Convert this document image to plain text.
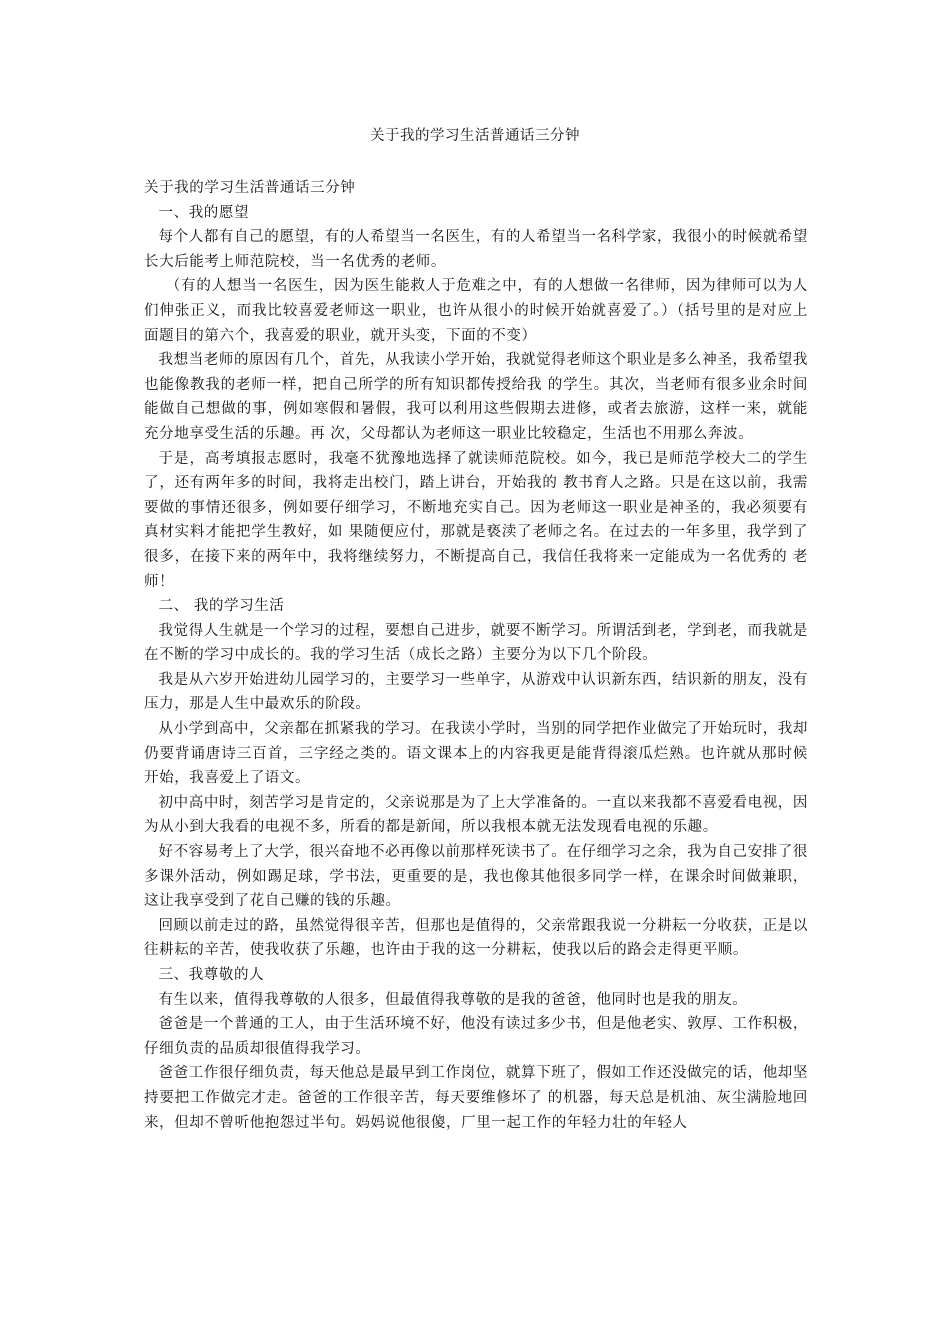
关于我的学习生活普通话三分钟

关于我的学习生活普通话三分钟

一、我的愿望

每个人都有自己的愿望，有的人希望当一名医生，有的人希望当一名科学家，我很小的时候就希望长大后能考上师范院校，当一名优秀的老师。

（有的人想当一名医生，因为医生能救人于危难之中，有的人想做一名律师，因为律师可以为人们伸张正义，而我比较喜爱老师这一职业，也许从很小的时候开始就喜爱了。）（括号里的是对应上面题目的第六个，我喜爱的职业，就开头变，下面的不变）

我想当老师的原因有几个，首先，从我读小学开始，我就觉得老师这个职业是多么神圣，我希望我也能像教我的老师一样，把自己所学的所有知识都传授给我 的学生。其次，当老师有很多业余时间能做自己想做的事，例如寒假和暑假，我可以利用这些假期去进修，或者去旅游，这样一来，就能充分地享受生活的乐趣。再 次，父母都认为老师这一职业比较稳定，生活也不用那么奔波。

于是，高考填报志愿时，我毫不犹豫地选择了就读师范院校。如今，我已是师范学校大二的学生了，还有两年多的时间，我将走出校门，踏上讲台，开始我的 教书育人之路。只是在这以前，我需要做的事情还很多，例如要仔细学习，不断地充实自己。因为老师这一职业是神圣的，我必须要有真材实料才能把学生教好，如 果随便应付，那就是亵渎了老师之名。在过去的一年多里，我学到了很多，在接下来的两年中，我将继续努力，不断提高自己，我信任我将来一定能成为一名优秀的 老师！

二、 我的学习生活

我觉得人生就是一个学习的过程，要想自己进步，就要不断学习。所谓活到老，学到老，而我就是在不断的学习中成长的。我的学习生活（成长之路）主要分为以下几个阶段。

我是从六岁开始进幼儿园学习的，主要学习一些单字，从游戏中认识新东西，结识新的朋友，没有压力，那是人生中最欢乐的阶段。

从小学到高中，父亲都在抓紧我的学习。在我读小学时，当别的同学把作业做完了开始玩时，我却仍要背诵唐诗三百首，三字经之类的。语文课本上的内容我更是能背得滚瓜烂熟。也许就从那时候开始，我喜爱上了语文。

初中高中时，刻苦学习是肯定的，父亲说那是为了上大学准备的。一直以来我都不喜爱看电视，因为从小到大我看的电视不多，所看的都是新闻，所以我根本就无法发现看电视的乐趣。

好不容易考上了大学，很兴奋地不必再像以前那样死读书了。在仔细学习之余，我为自己安排了很多课外活动，例如踢足球，学书法，更重要的是，我也像其他很多同学一样，在课余时间做兼职，这让我享受到了花自己赚的钱的乐趣。

回顾以前走过的路，虽然觉得很辛苦，但那也是值得的，父亲常跟我说一分耕耘一分收获，正是以往耕耘的辛苦，使我收获了乐趣，也许由于我的这一分耕耘，使我以后的路会走得更平顺。

三、我尊敬的人

有生以来，值得我尊敬的人很多，但最值得我尊敬的是我的爸爸，他同时也是我的朋友。

爸爸是一个普通的工人，由于生活环境不好，他没有读过多少书，但是他老实、敦厚、工作积极，仔细负责的品质却很值得我学习。

爸爸工作很仔细负责，每天他总是最早到工作岗位，就算下班了，假如工作还没做完的话，他却坚持要把工作做完才走。爸爸的工作很辛苦，每天要维修坏了 的机器，每天总是机油、灰尘满脸地回来，但却不曾听他抱怨过半句。妈妈说他很傻，厂里一起工作的年轻力壮的年轻人
